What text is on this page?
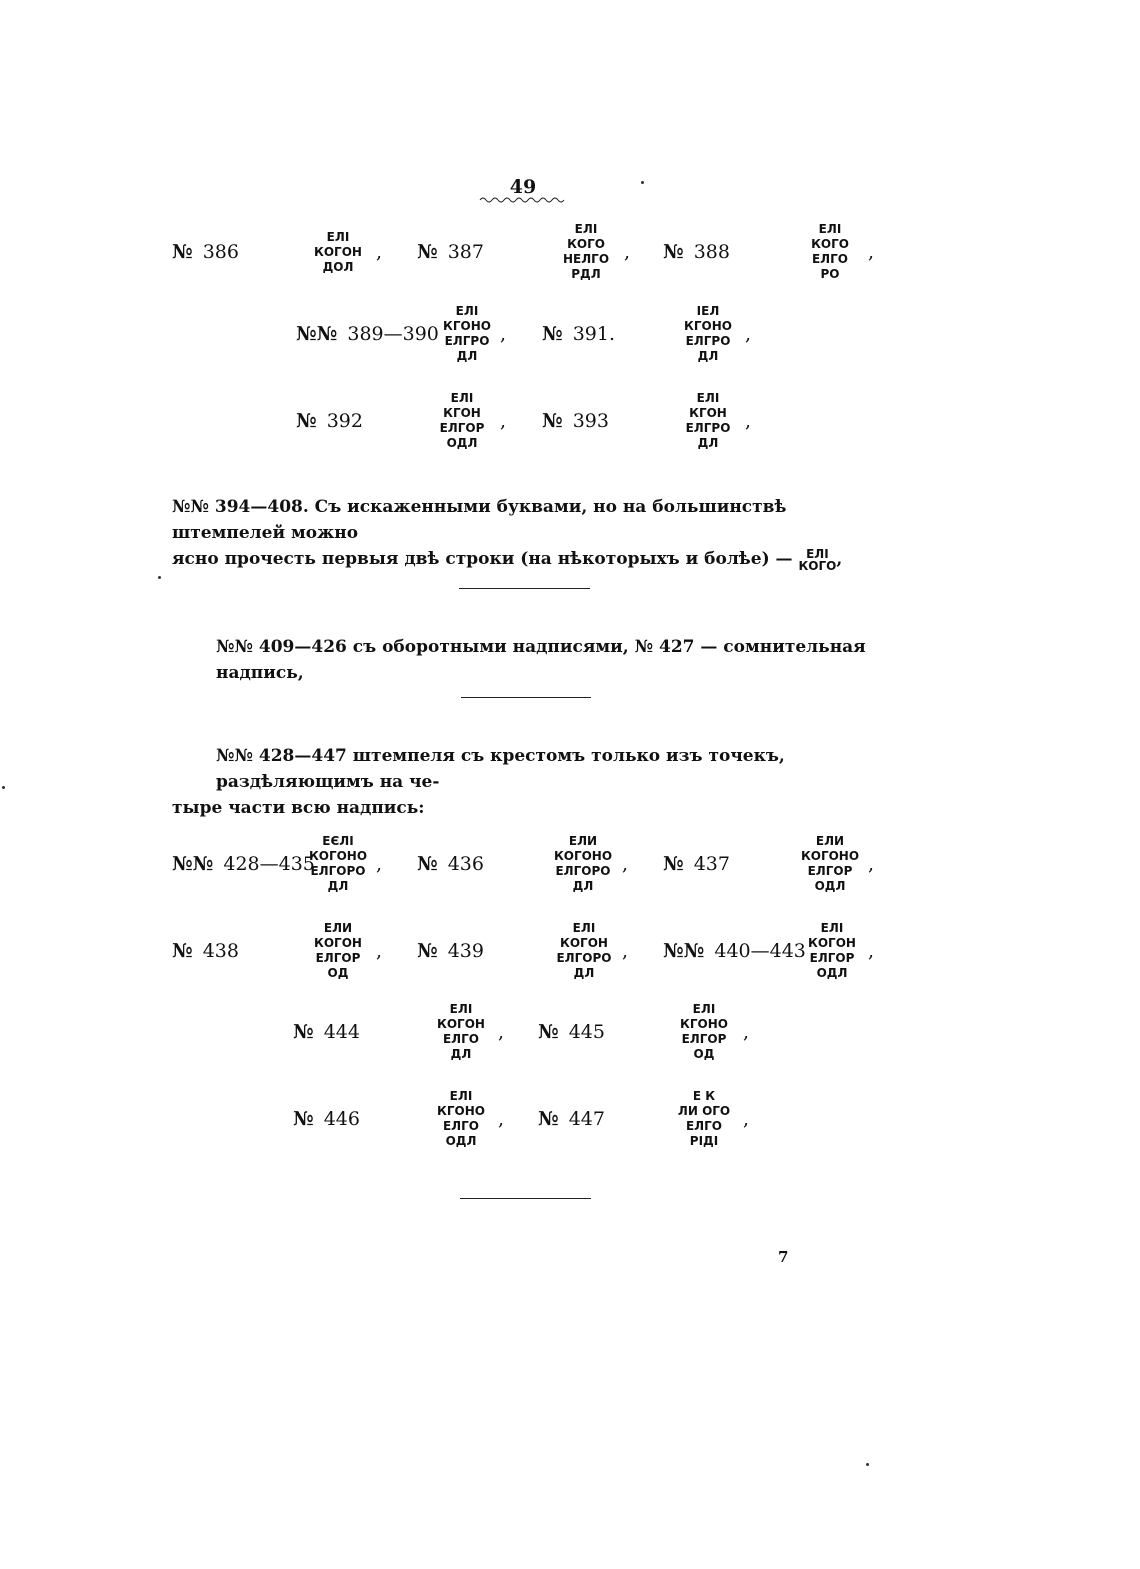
49
№ 386
ЕЛI
КОГОН
ДОЛ
, № 387
ЕЛI
КОГО
НЕЛГО
РДЛ
, № 388
ЕЛI
КОГО
ЕЛГО
РО
,
№№ 389—390
ЕЛI
КГОНО
ЕЛГРО
ДЛ
, № 391.
IЕЛ
КГОНО
ЕЛГРО
ДЛ
,
№ 392
ЕЛI
КГОН
ЕЛГОР
ОДЛ
, № 393
ЕЛI
КГОН
ЕЛГРО
ДЛ
,
№№ 394—408. Съ искаженными буквами, но на большинствѣ штемпелей можно
ясно прочесть первыя двѣ строки (на нѣкоторыхъ и болѣе) — ЕЛI
КОГО,
№№ 409—426 съ оборотными надписями, № 427 — сомнительная надпись,
№№ 428—447 штемпеля съ крестомъ только изъ точекъ, раздѣляющимъ на че-
тыре части всю надпись:
№№ 428—435
ЕЄЛI
КОГОНО
ЕЛГОРО
ДЛ
, № 436
ЕЛИ
КОГОНО
ЕЛГОРО
ДЛ
, № 437
ЕЛИ
КОГОНО
ЕЛГОР
ОДЛ
,
№ 438
ЕЛИ
КОГОН
ЕЛГОР
ОД
, № 439
ЕЛI
КОГОН
ЕЛГОРО
ДЛ
, №№ 440—443
ЕЛI
КОГОН
ЕЛГОР
ОДЛ
,
№ 444
ЕЛI
КОГОН
ЕЛГО
ДЛ
, № 445
ЕЛI
КГОНО
ЕЛГОР
ОД
,
№ 446
ЕЛI
КГОНО
ЕЛГО
ОДЛ
, № 447
Е К
ЛИ ОГО
ЕЛГО
РIДI
,
7
